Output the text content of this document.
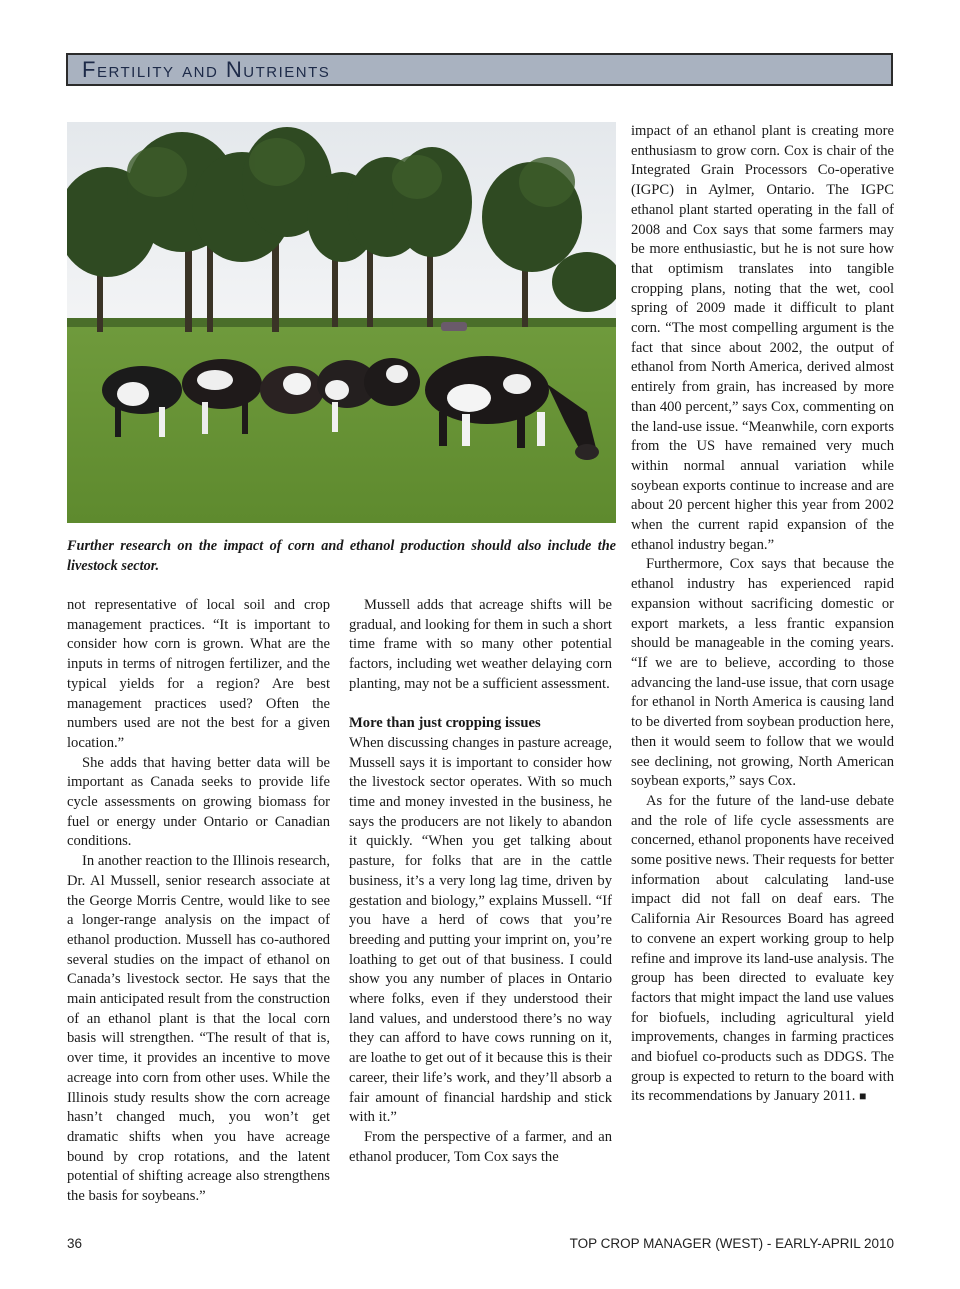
Fertility and Nutrients
Further research on the impact of corn and ethanol production should also include the livestock sector.

not representative of local soil and crop management practices. “It is important to consider how corn is grown. What are the inputs in terms of nitrogen fertilizer, and the typical yields for a region? Are best management practices used? Often the numbers used are not the best for a given location.”

She adds that having better data will be important as Canada seeks to provide life cycle assessments on growing biomass for fuel or energy under Ontario or Canadian conditions.

In another reaction to the Illinois research, Dr. Al Mussell, senior research associate at the George Morris Centre, would like to see a longer-range analysis on the impact of ethanol production. Mussell has co-authored several studies on the impact of ethanol on Canada’s livestock sector. He says that the main anticipated result from the construction of an ethanol plant is that the local corn basis will strengthen. “The result of that is, over time, it provides an incentive to move acreage into corn from other uses. While the Illinois study results show the corn acreage hasn’t changed much, you won’t get dramatic shifts when you have acreage bound by crop rotations, and the latent potential of shifting acreage also strengthens the basis for soybeans.”

Mussell adds that acreage shifts will be gradual, and looking for them in such a short time frame with so many other potential factors, including wet weather delaying corn planting, may not be a sufficient assessment.

More than just cropping issues

When discussing changes in pasture acreage, Mussell says it is important to consider how the livestock sector operates. With so much time and money invested in the business, he says the producers are not likely to abandon it quickly. “When you get talking about pasture, for folks that are in the cattle business, it’s a very long lag time, driven by gestation and biology,” explains Mussell. “If you have a herd of cows that you’re breeding and putting your imprint on, you’re loathing to get out of that business. I could show you any number of places in Ontario where folks, even if they understood their land values, and understood there’s no way they can afford to have cows running on it, are loathe to get out of it because this is their career, their life’s work, and they’ll absorb a fair amount of financial hardship and stick with it.”

From the perspective of a farmer, and an ethanol producer, Tom Cox says the

impact of an ethanol plant is creating more enthusiasm to grow corn. Cox is chair of the Integrated Grain Processors Co-operative (IGPC) in Aylmer, Ontario. The IGPC ethanol plant started operating in the fall of 2008 and Cox says that some farmers may be more enthusiastic, but he is not sure how that optimism translates into tangible cropping plans, noting that the wet, cool spring of 2009 made it difficult to plant corn. “The most compelling argument is the fact that since about 2002, the output of ethanol from North America, derived almost entirely from grain, has increased by more than 400 percent,” says Cox, commenting on the land-use issue. “Meanwhile, corn exports from the US have remained very much within normal annual variation while soybean exports continue to increase and are about 20 percent higher this year from 2002 when the current rapid expansion of the ethanol industry began.”

Furthermore, Cox says that because the ethanol industry has experienced rapid expansion without sacrificing domestic or export markets, a less frantic expansion should be manageable in the coming years. “If we are to believe, according to those advancing the land-use issue, that corn usage for ethanol in North America is causing land to be diverted from soybean production here, then it would seem to follow that we would see declining, not growing, North American soybean exports,” says Cox.

As for the future of the land-use debate and the role of life cycle assessments are concerned, ethanol proponents have received some positive news. Their requests for better information about calculating land-use impact did not fall on deaf ears. The California Air Resources Board has agreed to convene an expert working group to help refine and improve its land-use analysis. The group has been directed to evaluate key factors that might impact the land use values for biofuels, including agricultural yield improvements, changes in farming practices and biofuel co-products such as DDGS. The group is expected to return to the board with its recommendations by January 2011. ■

36	TOP CROP MANAGER (WEST) - EARLY-APRIL 2010
